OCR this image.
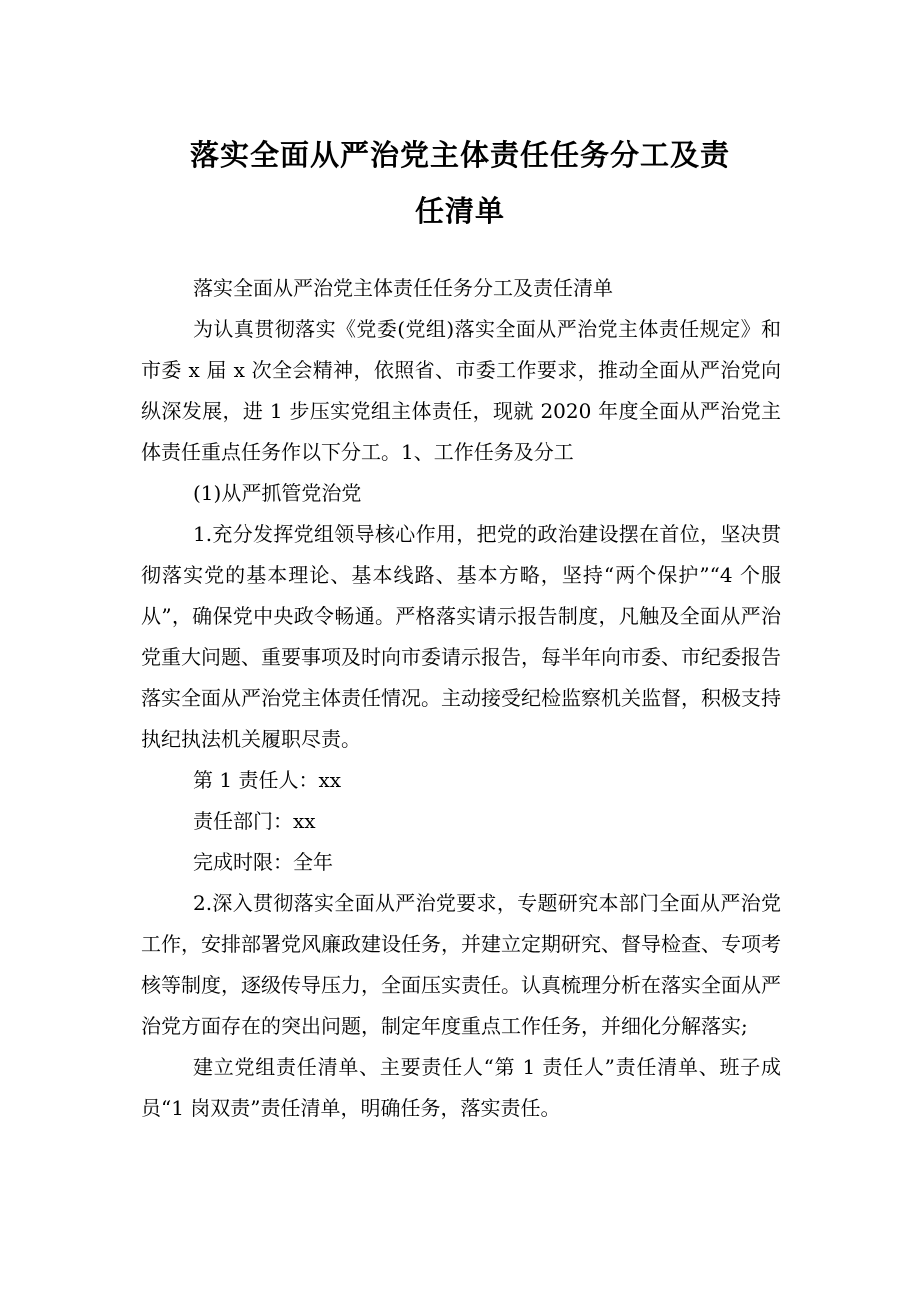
落实全面从严治党主体责任任务分工及责
任清单

落实全面从严治党主体责任任务分工及责任清单

为认真贯彻落实《党委(党组)落实全面从严治党主体责任规定》和市委 x 届 x 次全会精神，依照省、市委工作要求，推动全面从严治党向纵深发展，进 1 步压实党组主体责任，现就 2020 年度全面从严治党主体责任重点任务作以下分工。1、工作任务及分工

(1)从严抓管党治党

1.充分发挥党组领导核心作用，把党的政治建设摆在首位，坚决贯彻落实党的基本理论、基本线路、基本方略，坚持“两个保护”“4 个服从”，确保党中央政令畅通。严格落实请示报告制度，凡触及全面从严治党重大问题、重要事项及时向市委请示报告，每半年向市委、市纪委报告落实全面从严治党主体责任情况。主动接受纪检监察机关监督，积极支持执纪执法机关履职尽责。

第 1 责任人：xx

责任部门：xx

完成时限：全年

2.深入贯彻落实全面从严治党要求，专题研究本部门全面从严治党工作，安排部署党风廉政建设任务，并建立定期研究、督导检查、专项考核等制度，逐级传导压力，全面压实责任。认真梳理分析在落实全面从严治党方面存在的突出问题，制定年度重点工作任务，并细化分解落实;

建立党组责任清单、主要责任人“第 1 责任人”责任清单、班子成员“1 岗双责”责任清单，明确任务，落实责任。
